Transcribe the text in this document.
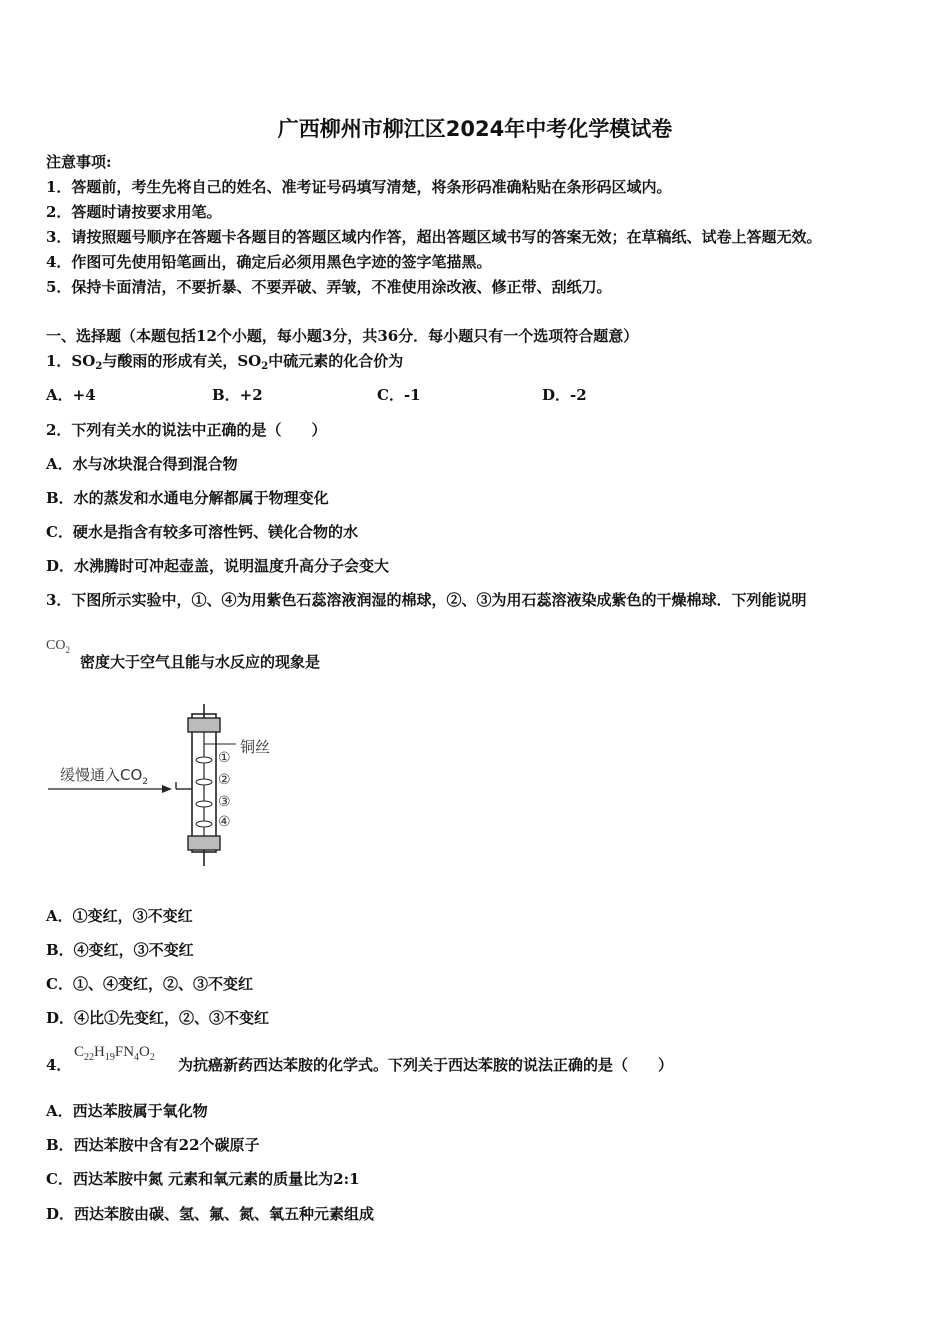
广西柳州市柳江区2024年中考化学模试卷
注意事项:
1．答题前，考生先将自己的姓名、准考证号码填写清楚，将条形码准确粘贴在条形码区域内。
2．答题时请按要求用笔。
3．请按照题号顺序在答题卡各题目的答题区域内作答，超出答题区域书写的答案无效；在草稿纸、试卷上答题无效。
4．作图可先使用铅笔画出，确定后必须用黑色字迹的签字笔描黑。
5．保持卡面清洁，不要折暴、不要弄破、弄皱，不准使用涂改液、修正带、刮纸刀。
一、选择题（本题包括12个小题，每小题3分，共36分．每小题只有一个选项符合题意）
1．$SO_2$与酸雨的形成有关，$SO_2$中硫元素的化合价为
A．+4	B．+2	C．-1	D．-2
2．下列有关水的说法中正确的是（　　）
A．水与冰块混合得到混合物
B．水的蒸发和水通电分解都属于物理变化
C．硬水是指含有较多可溶性钙、镁化合物的水
D．水沸腾时可冲起壶盖，说明温度升高分子会变大
3．下图所示实验中，①、④为用紫色石蕊溶液润湿的棉球，②、③为用石蕊溶液染成紫色的干燥棉球．下列能说明
$CO_2$
密度大于空气且能与水反应的现象是
缓慢通入$CO_2$
铜丝
①
②
③
④
A．①变红，③不变红
B．④变红，③不变红
C．①、④变红，②、③不变红
D．④比①先变红，②、③不变红
4．
$C_{22}H_{19}FN_4O_2$ 为抗癌新药西达苯胺的化学式。下列关于西达苯胺的说法正确的是（　　）
A．西达苯胺属于氧化物
B．西达苯胺中含有22个碳原子
C．西达苯胺中氮 元素和氧元素的质量比为2:1
D．西达苯胺由碳、氢、氟、氮、氧五种元素组成
